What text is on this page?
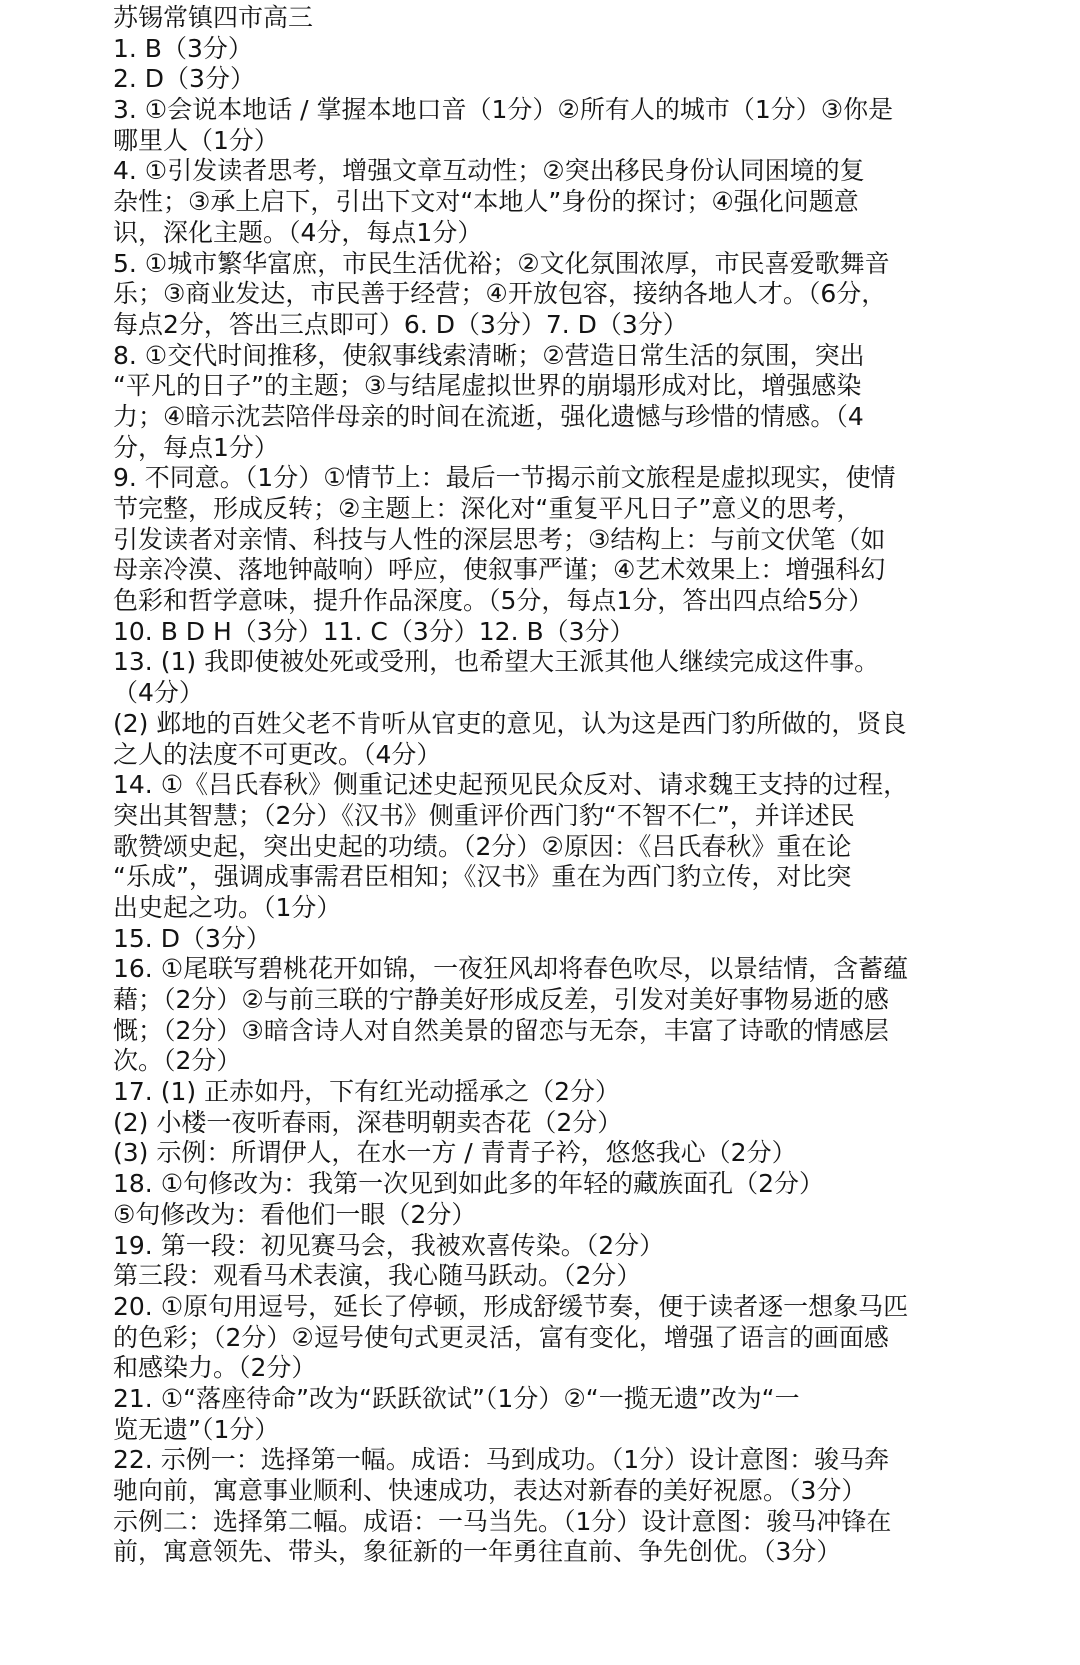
苏锡常镇四市高三
1. B（3分）
2. D（3分）
3. ①会说本地话 / 掌握本地口音（1分）②所有人的城市（1分）③你是
哪里人（1分）
4. ①引发读者思考，增强文章互动性；②突出移民身份认同困境的复
杂性；③承上启下，引出下文对“本地人”身份的探讨；④强化问题意
识，深化主题。（4分，每点1分）
5. ①城市繁华富庶，市民生活优裕；②文化氛围浓厚，市民喜爱歌舞音
乐；③商业发达，市民善于经营；④开放包容，接纳各地人才。（6分，
每点2分，答出三点即可）6. D（3分）7. D（3分）
8. ①交代时间推移，使叙事线索清晰；②营造日常生活的氛围，突出
“平凡的日子”的主题；③与结尾虚拟世界的崩塌形成对比，增强感染
力；④暗示沈芸陪伴母亲的时间在流逝，强化遗憾与珍惜的情感。（4
分，每点1分）
9. 不同意。（1分）①情节上：最后一节揭示前文旅程是虚拟现实，使情
节完整，形成反转；②主题上：深化对“重复平凡日子”意义的思考，
引发读者对亲情、科技与人性的深层思考；③结构上：与前文伏笔（如
母亲冷漠、落地钟敲响）呼应，使叙事严谨；④艺术效果上：增强科幻
色彩和哲学意味，提升作品深度。（5分，每点1分，答出四点给5分）
10. B D H（3分）11. C（3分）12. B（3分）
13. (1) 我即使被处死或受刑，也希望大王派其他人继续完成这件事。
（4分）
(2) 邺地的百姓父老不肯听从官吏的意见，认为这是西门豹所做的，贤良
之人的法度不可更改。（4分）
14. ①《吕氏春秋》侧重记述史起预见民众反对、请求魏王支持的过程，
突出其智慧；（2分）《汉书》侧重评价西门豹“不智不仁”，并详述民
歌赞颂史起，突出史起的功绩。（2分）②原因：《吕氏春秋》重在论
“乐成”，强调成事需君臣相知；《汉书》重在为西门豹立传，对比突
出史起之功。（1分）
15. D（3分）
16. ①尾联写碧桃花开如锦，一夜狂风却将春色吹尽，以景结情，含蓄蕴
藉；（2分）②与前三联的宁静美好形成反差，引发对美好事物易逝的感
慨；（2分）③暗含诗人对自然美景的留恋与无奈，丰富了诗歌的情感层
次。（2分）
17. (1) 正赤如丹，下有红光动摇承之（2分）
(2) 小楼一夜听春雨，深巷明朝卖杏花（2分）
(3) 示例：所谓伊人，在水一方 / 青青子衿，悠悠我心（2分）
18. ①句修改为：我第一次见到如此多的年轻的藏族面孔（2分）
⑤句修改为：看他们一眼（2分）
19. 第一段：初见赛马会，我被欢喜传染。（2分）
第三段：观看马术表演，我心随马跃动。（2分）
20. ①原句用逗号，延长了停顿，形成舒缓节奏，便于读者逐一想象马匹
的色彩；（2分）②逗号使句式更灵活，富有变化，增强了语言的画面感
和感染力。（2分）
21. ①“落座待命”改为“跃跃欲试”（1分）②“一揽无遗”改为“一
览无遗”（1分）
22. 示例一：选择第一幅。成语：马到成功。（1分）设计意图：骏马奔
驰向前，寓意事业顺利、快速成功，表达对新春的美好祝愿。（3分）
示例二：选择第二幅。成语：一马当先。（1分）设计意图：骏马冲锋在
前，寓意领先、带头，象征新的一年勇往直前、争先创优。（3分）
